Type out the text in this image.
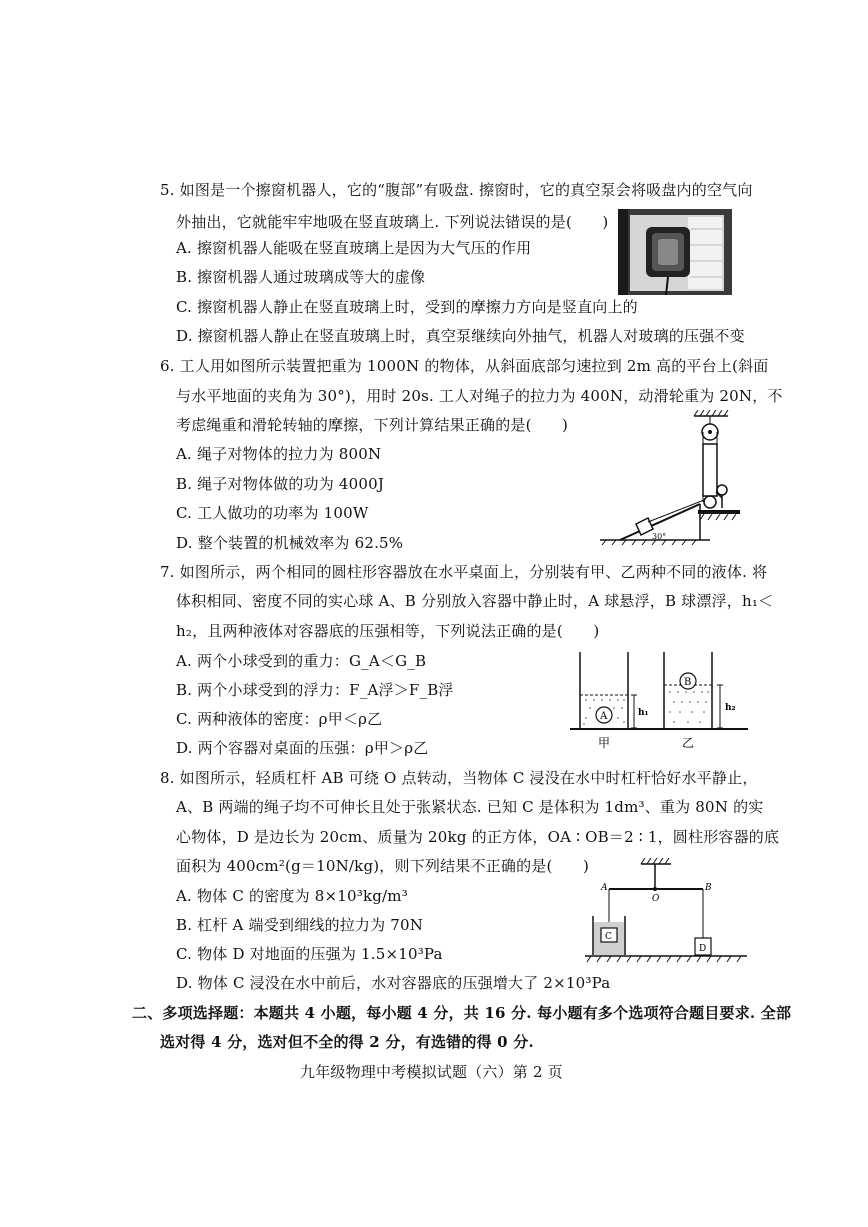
5. 如图是一个擦窗机器人，它的“腹部”有吸盘. 擦窗时，它的真空泵会将吸盘内的空气向
外抽出，它就能牢牢地吸在竖直玻璃上. 下列说法错误的是(　　)
A. 擦窗机器人能吸在竖直玻璃上是因为大气压的作用
B. 擦窗机器人通过玻璃成等大的虚像
C. 擦窗机器人静止在竖直玻璃上时，受到的摩擦力方向是竖直向上的
D. 擦窗机器人静止在竖直玻璃上时，真空泵继续向外抽气，机器人对玻璃的压强不变
6. 工人用如图所示装置把重为 1000N 的物体，从斜面底部匀速拉到 2m 高的平台上(斜面
与水平地面的夹角为 30°)，用时 20s. 工人对绳子的拉力为 400N，动滑轮重为 20N，不
考虑绳重和滑轮转轴的摩擦，下列计算结果正确的是(　　)
A. 绳子对物体的拉力为 800N
B. 绳子对物体做的功为 4000J
C. 工人做功的功率为 100W
D. 整个装置的机械效率为 62.5%	30°
7. 如图所示，两个相同的圆柱形容器放在水平桌面上，分别装有甲、乙两种不同的液体. 将
体积相同、密度不同的实心球 A、B 分别放入容器中静止时，A 球悬浮，B 球漂浮，h₁＜
h₂，且两种液体对容器底的压强相等，下列说法正确的是(　　)
A. 两个小球受到的重力：G_A＜G_B
B. 两个小球受到的浮力：F_A浮＞F_B浮
C. 两种液体的密度：ρ甲＜ρ乙
D. 两个容器对桌面的压强：ρ甲＞ρ乙
A	h₁
B
h₂
甲	乙
8. 如图所示，轻质杠杆 AB 可绕 O 点转动，当物体 C 浸没在水中时杠杆恰好水平静止，
A、B 两端的绳子均不可伸长且处于张紧状态. 已知 C 是体积为 1dm³、重为 80N 的实
心物体，D 是边长为 20cm、质量为 20kg 的正方体，OA ∶ OB＝2 ∶ 1，圆柱形容器的底
面积为 400cm²(g＝10N/kg)，则下列结果不正确的是(　　)
A. 物体 C 的密度为 8×10³kg/m³
B. 杠杆 A 端受到细线的拉力为 70N
C. 物体 D 对地面的压强为 1.5×10³Pa
D. 物体 C 浸没在水中前后，水对容器底的压强增大了 2×10³Pa
A
O
B
C
D
二、多项选择题：本题共 4 小题，每小题 4 分，共 16 分. 每小题有多个选项符合题目要求. 全部
选对得 4 分，选对但不全的得 2 分，有选错的得 0 分.
九年级物理中考模拟试题（六）第 2 页
